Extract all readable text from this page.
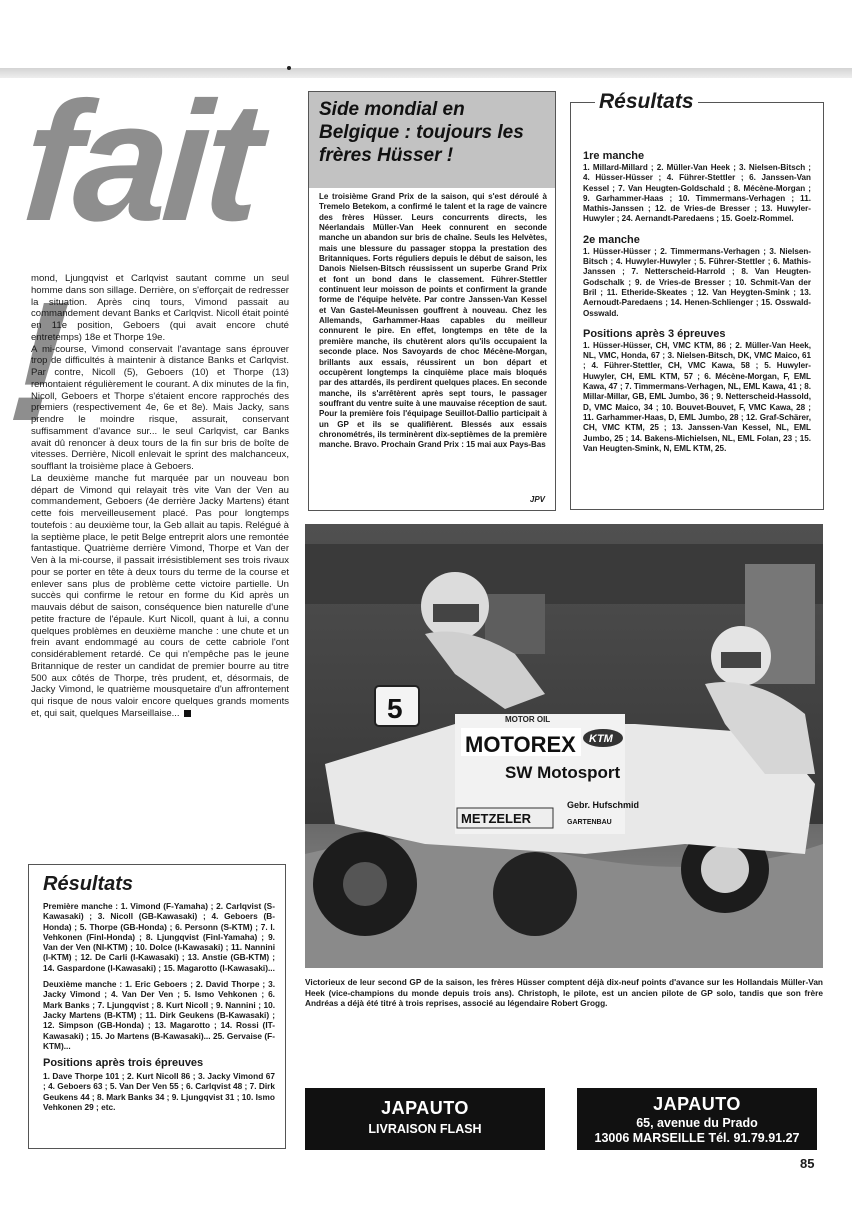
fait !

mond, Ljungqvist et Carlqvist sautant comme un seul homme dans son sillage. Derrière, on s'efforçait de redresser la situation. Après cinq tours, Vimond passait au commandement devant Banks et Carlqvist. Nicoll était pointé en 11e position, Geboers (qui avait encore chuté entretemps) 18e et Thorpe 19e.

A mi-course, Vimond conservait l'avantage sans éprouver trop de difficultés à maintenir à distance Banks et Carlqvist. Par contre, Nicoll (5), Geboers (10) et Thorpe (13) remontaient régulièrement le courant. A dix minutes de la fin, Nicoll, Geboers et Thorpe s'étaient encore rapprochés des premiers (respectivement 4e, 6e et 8e). Mais Jacky, sans prendre le moindre risque, assurait, conservant suffisamment d'avance sur... le seul Carlqvist, car Banks avait dû renoncer à deux tours de la fin sur bris de boîte de vitesses. Derrière, Nicoll enlevait le sprint des malchanceux, soufflant la troisième place à Geboers.

La deuxième manche fut marquée par un nouveau bon départ de Vimond qui relayait très vite Van der Ven au commandement, Geboers (4e derrière Jacky Martens) étant cette fois merveilleusement placé. Pas pour longtemps toutefois : au deuxième tour, la Geb allait au tapis. Relégué à la septième place, le petit Belge entreprit alors une remontée fantastique. Quatrième derrière Vimond, Thorpe et Van der Ven à la mi-course, il passait irrésistiblement ses trois rivaux pour se porter en tête à deux tours du terme de la course et enlever sans plus de problème cette victoire partielle. Un succès qui confirme le retour en forme du Kid après un mauvais début de saison, conséquence bien naturelle d'une petite fracture de l'épaule. Kurt Nicoll, quant à lui, a connu quelques problèmes en deuxième manche : une chute et un frein avant endommagé au cours de cette cabriole l'ont considérablement retardé. Ce qui n'empêche pas le jeune Britannique de rester un candidat de premier bourre au titre 500 aux côtés de Thorpe, très prudent, et, désormais, de Jacky Vimond, le quatrième mousquetaire d'un affrontement qui risque de nous valoir encore quelques grands moments et, qui sait, quelques Marseillaise...

Résultats

Première manche : 1. Vimond (F-Yamaha) ; 2. Carlqvist (S-Kawasaki) ; 3. Nicoll (GB-Kawasaki) ; 4. Geboers (B-Honda) ; 5. Thorpe (GB-Honda) ; 6. Personn (S-KTM) ; 7. I. Vehkonen (Finl-Honda) ; 8. Ljungqvist (Finl-Yamaha) ; 9. Van der Ven (NI-KTM) ; 10. Dolce (I-Kawasaki) ; 11. Nannini (I-KTM) ; 12. De Carli (I-Kawasaki) ; 13. Anstie (GB-KTM) ; 14. Gaspardone (I-Kawasaki) ; 15. Magarotto (I-Kawasaki)...

Deuxième manche : 1. Eric Geboers ; 2. David Thorpe ; 3. Jacky Vimond ; 4. Van Der Ven ; 5. Ismo Vehkonen ; 6. Mark Banks ; 7. Ljungqvist ; 8. Kurt Nicoll ; 9. Nannini ; 10. Jacky Martens (B-KTM) ; 11. Dirk Geukens (B-Kawasaki) ; 12. Simpson (GB-Honda) ; 13. Magarotto ; 14. Rossi (IT-Kawasaki) ; 15. Jo Martens (B-Kawasaki)... 25. Gervaise (F-KTM)...

Positions après trois épreuves

1. Dave Thorpe 101 ; 2. Kurt Nicoll 86 ; 3. Jacky Vimond 67 ; 4. Geboers 63 ; 5. Van Der Ven 55 ; 6. Carlqvist 48 ; 7. Dirk Geukens 44 ; 8. Mark Banks 34 ; 9. Ljungqvist 31 ; 10. Ismo Vehkonen 29 ; etc.

Side mondial en Belgique : toujours les frères Hüsser !

Le troisième Grand Prix de la saison, qui s'est déroulé à Tremelo Betekom, a confirmé le talent et la rage de vaincre des frères Hüsser. Leurs concurrents directs, les Néerlandais Müller-Van Heek connurent en seconde manche un abandon sur bris de chaîne. Seuls les Helvètes, mais une blessure du passager stoppa la prestation des Britanniques. Forts réguliers depuis le début de saison, les Danois Nielsen-Bitsch réussissent un superbe Grand Prix et font un bond dans le classement. Führer-Stettler continuent leur moisson de points et confirment la grande forme de l'équipe helvète. Par contre Janssen-Van Kessel et Van Gastel-Meunissen gouffrent à nouveau. Chez les Allemands, Garhammer-Haas capables du meilleur connurent le pire. En effet, longtemps en tête de la première manche, ils chutèrent alors qu'ils occupaient la seconde place. Nos Savoyards de choc Mécène-Morgan, brillants aux essais, réussirent un bon départ et occupèrent longtemps la cinquième place mais bloqués par des attardés, ils perdirent quelques places. En seconde manche, ils s'arrêtèrent après sept tours, le passager souffrant du ventre suite à une mauvaise réception de saut. Pour la première fois l'équipage Seuillot-Dallio participait à un GP et ils se qualifièrent. Blessés aux essais chronométrés, ils terminèrent dix-septièmes de la première manche. Bravo. Prochain Grand Prix : 15 mai aux Pays-Bas

JPV
Résultats
1re manche

1. Millard-Millard ; 2. Müller-Van Heek ; 3. Nielsen-Bitsch ; 4. Hüsser-Hüsser ; 4. Führer-Stettler ; 6. Janssen-Van Kessel ; 7. Van Heugten-Goldschald ; 8. Mécène-Morgan ; 9. Garhammer-Haas ; 10. Timmermans-Verhagen ; 11. Mathis-Janssen ; 12. de Vries-de Bresser ; 13. Huwyler-Huwyler ; 24. Aernandt-Paredaens ; 15. Goelz-Rommel.

2e manche

1. Hüsser-Hüsser ; 2. Timmermans-Verhagen ; 3. Nielsen-Bitsch ; 4. Huwyler-Huwyler ; 5. Führer-Stettler ; 6. Mathis-Janssen ; 7. Netterscheid-Harrold ; 8. Van Heugten-Godschalk ; 9. de Vries-de Bresser ; 10. Schmit-Van der Bril ; 11. Etheride-Skeates ; 12. Van Heygten-Smink ; 13. Aernoudt-Paredaens ; 14. Henen-Schlienger ; 15. Osswald-Osswald.

Positions après 3 épreuves

1. Hüsser-Hüsser, CH, VMC KTM, 86 ; 2. Müller-Van Heek, NL, VMC, Honda, 67 ; 3. Nielsen-Bitsch, DK, VMC Maico, 61 ; 4. Führer-Stettler, CH, VMC Kawa, 58 ; 5. Huwyler-Huwyler, CH, EML KTM, 57 ; 6. Mécène-Morgan, F, EML Kawa, 47 ; 7. Timmermans-Verhagen, NL, EML Kawa, 41 ; 8. Millar-Millar, GB, EML Jumbo, 36 ; 9. Netterscheid-Hassold, D, VMC Maico, 34 ; 10. Bouvet-Bouvet, F, VMC Kawa, 28 ; 11. Garhammer-Haas, D, EML Jumbo, 28 ; 12. Graf-Schärer, CH, VMC KTM, 25 ; 13. Janssen-Van Kessel, NL, EML Jumbo, 25 ; 14. Bakens-Michielsen, NL, EML Folan, 23 ; 15. Van Heugten-Smink, N, EML KTM, 25.

MOTOREX
MOTOR OIL
SW Motosport
KTM
METZELER
Gebr. Hufschmid
GARTENBAU
5

Victorieux de leur second GP de la saison, les frères Hüsser comptent déjà dix-neuf points d'avance sur les Hollandais Müller-Van Heek (vice-champions du monde depuis trois ans). Christoph, le pilote, est un ancien pilote de GP solo, tandis que son frère Andréas a déjà été titré à trois reprises, associé au légendaire Robert Grogg.

JAPAUTO
LIVRAISON FLASH
JAPAUTO
65, avenue du Prado
13006 MARSEILLE Tél. 91.79.91.27
85
